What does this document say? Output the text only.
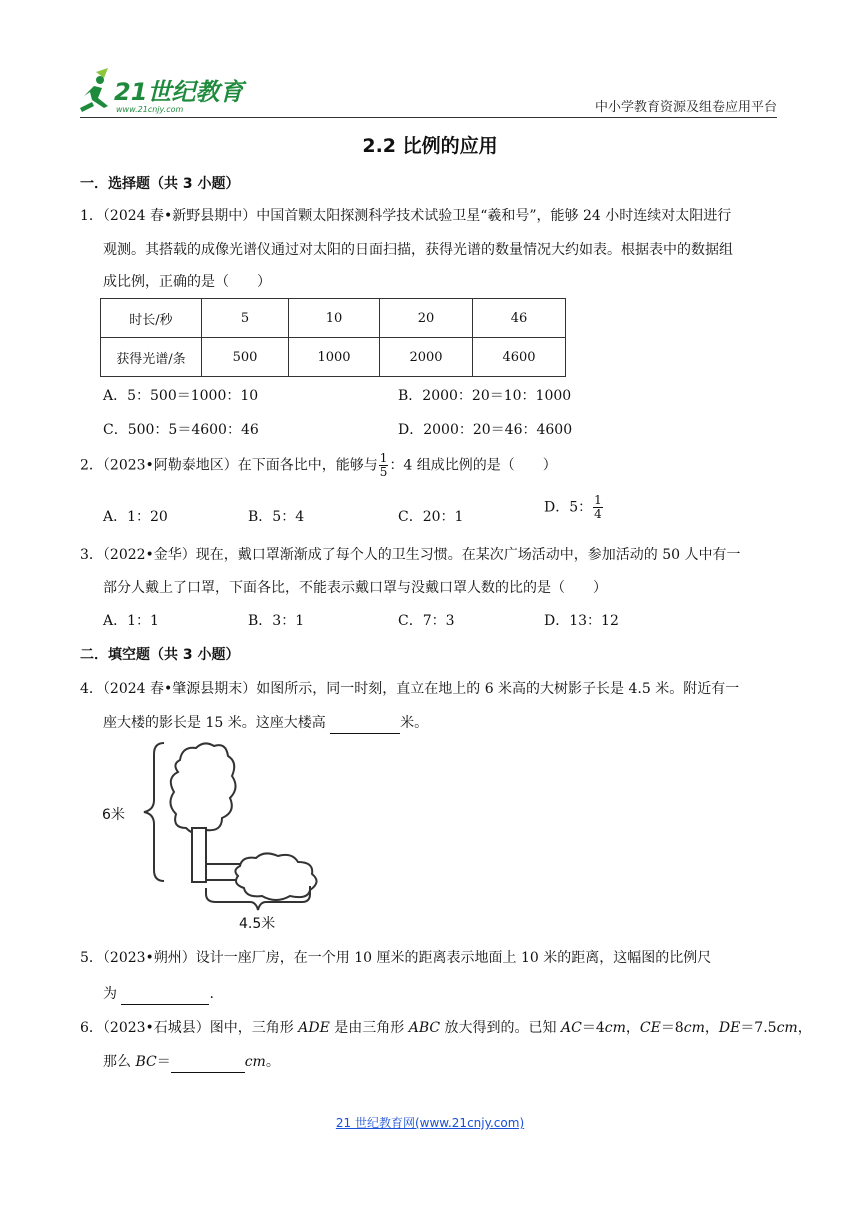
21世纪教育
www.21cnjy.com	中小学教育资源及组卷应用平台
2.2 比例的应用
一．选择题（共 3 小题）
1．（2024 春•新野县期中）中国首颗太阳探测科学技术试验卫星“羲和号”，能够 24 小时连续对太阳进行
观测。其搭载的成像光谱仪通过对太阳的日面扫描，获得光谱的数量情况大约如表。根据表中的数据组
成比例，正确的是（　　）
时长/秒	5	10	20	46
获得光谱/条	500	1000	2000	4600
A．5：500＝1000：10	B．2000：20＝10：1000
C．500：5＝4600：46	D．2000：20＝46：4600
2．（2023•阿勒泰地区）在下面各比中，能够与 $\frac{1}{5}$ ：4 组成比例的是（　　）
A．1：20	B．5：4	C．20：1
D．5： $\frac{1}{4}$
3．（2022•金华）现在，戴口罩渐渐成了每个人的卫生习惯。在某次广场活动中，参加活动的 50 人中有一
部分人戴上了口罩，下面各比，不能表示戴口罩与没戴口罩人数的比的是（　　）
A．1：1	B．3：1	C．7：3	D．13：12
二．填空题（共 3 小题）
4．（2024 春•肇源县期末）如图所示，同一时刻，直立在地上的 6 米高的大树影子长是 4.5 米。附近有一
座大楼的影长是 15 米。这座大楼高	米。
6米
4.5米
5．（2023•朔州）设计一座厂房，在一个用 10 厘米的距离表示地面上 10 米的距离，这幅图的比例尺
为	.
6．（2023•石城县）图中，三角形 ADE 是由三角形 ABC 放大得到的。已知 AC＝4cm，CE＝8cm，DE＝7.5cm，
那么 BC＝	cm。
21 世纪教育网(www.21cnjy.com)
